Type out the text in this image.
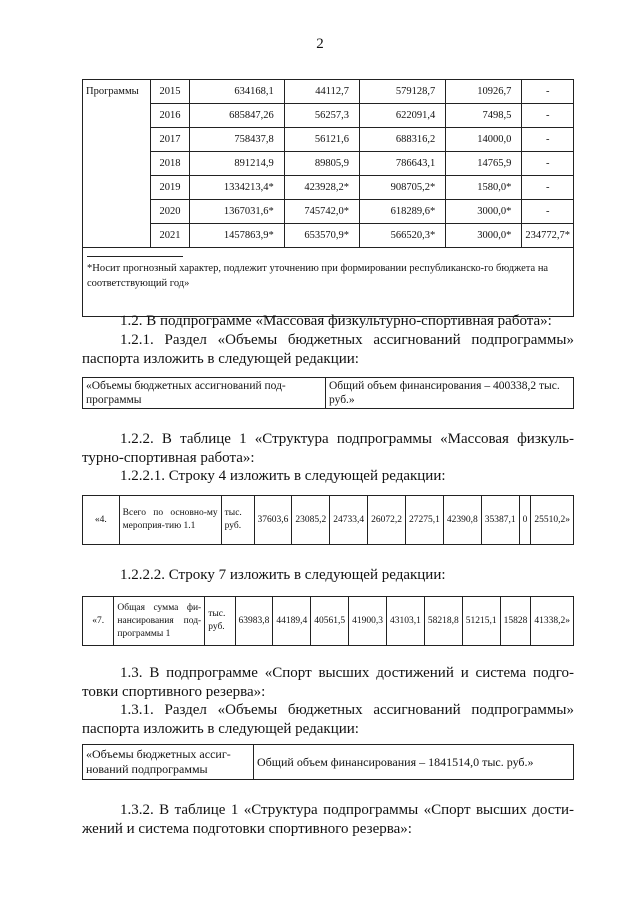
2
Программы	2015	634168,1	44112,7	579128,7	10926,7	-
	2016	685847,26	56257,3	622091,4	7498,5	-
	2017	758437,8	56121,6	688316,2	14000,0	-
	2018	891214,9	89805,9	786643,1	14765,9	-
	2019	1334213,4*	423928,2*	908705,2*	1580,0*	-
	2020	1367031,6*	745742,0*	618289,6*	3000,0*	-
	2021	1457863,9*	653570,9*	566520,3*	3000,0*	234772,7*

*Носит прогнозный характер, подлежит уточнению при формировании республиканско-го бюджета на соответствующий год»						
1.2. В подпрограмме «Массовая физкультурно-спортивная работа»:
1.2.1. Раздел «Объемы бюджетных ассигнований подпрограммы» паспорта изложить в следующей редакции:
«Объемы бюджетных ассигнований под-программы	Общий объем финансирования – 400338,2 тыс. руб.»
1.2.2. В таблице 1 «Структура подпрограммы «Массовая физкуль-турно-спортивная работа»:
1.2.2.1. Строку 4 изложить в следующей редакции:
«4.	Всего по основно-му мероприя-тию 1.1	тыс. руб.	37603,6	23085,2	24733,4	26072,2	27275,1	42390,8	35387,1	0	25510,2»
1.2.2.2. Строку 7 изложить в следующей редакции:
«7.	Общая сумма фи-нансирования под-программы 1	тыс. руб.	63983,8	44189,4	40561,5	41900,3	43103,1	58218,8	51215,1	15828	41338,2»
1.3. В подпрограмме «Спорт высших достижений и система подго-товки спортивного резерва»:
1.3.1. Раздел «Объемы бюджетных ассигнований подпрограммы» паспорта изложить в следующей редакции:
«Объемы бюджетных ассиг-нований подпрограммы	Общий объем финансирования – 1841514,0 тыс. руб.»
1.3.2. В таблице 1 «Структура подпрограммы «Спорт высших дости-жений и система подготовки спортивного резерва»:
